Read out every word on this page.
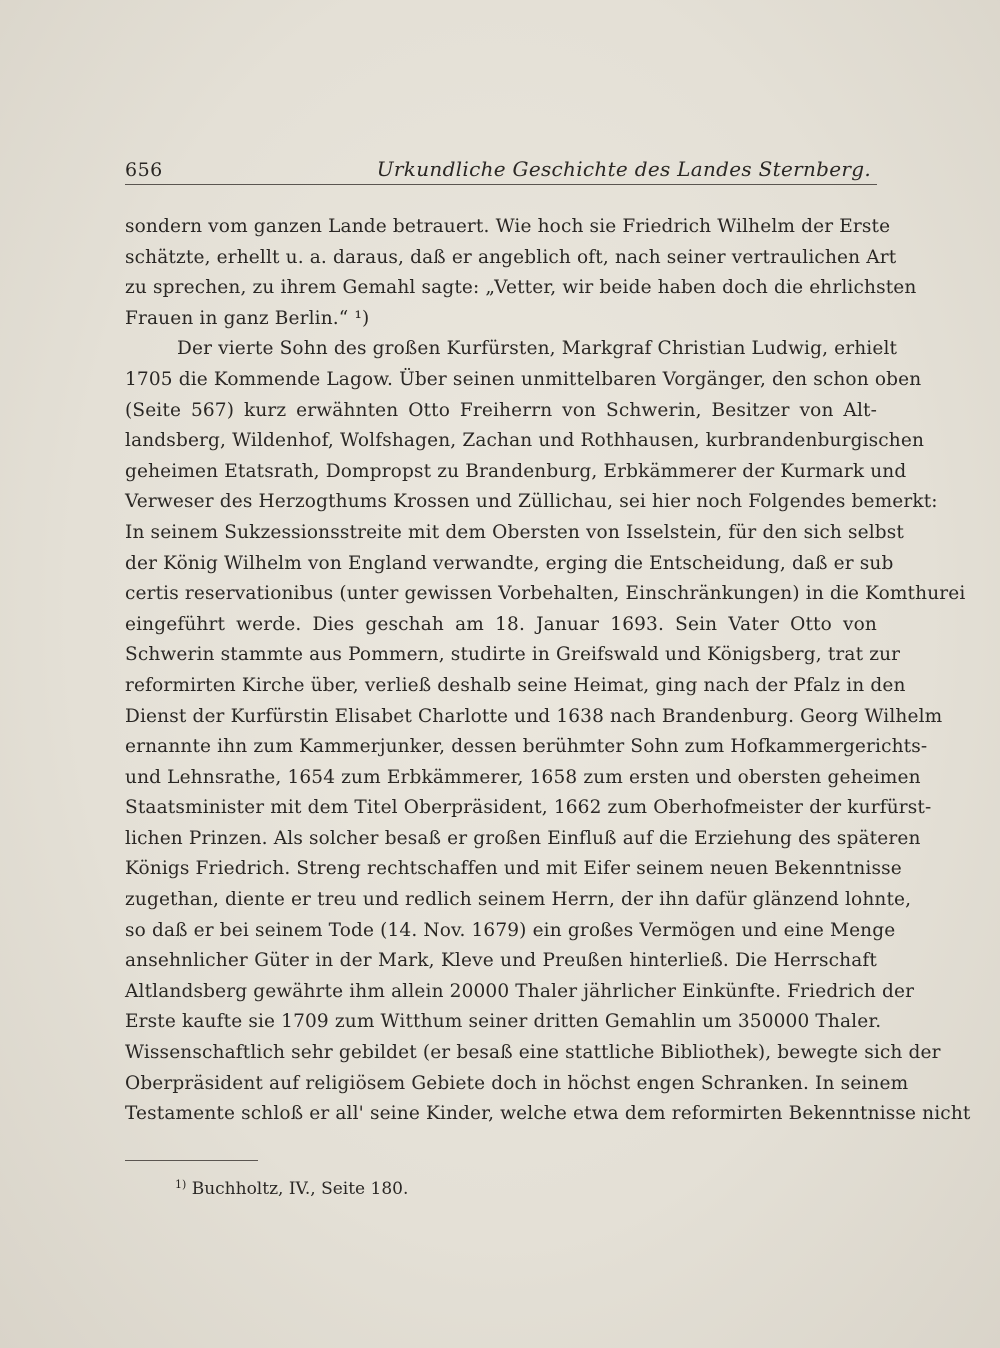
656	Urkundliche Geschichte des Landes Sternberg.
sondern vom ganzen Lande betrauert. Wie hoch sie Friedrich Wilhelm der Erste
schätzte, erhellt u. a. daraus, daß er angeblich oft, nach seiner vertraulichen Art
zu sprechen, zu ihrem Gemahl sagte: „Vetter, wir beide haben doch die ehrlichsten
Frauen in ganz Berlin.“ ¹)
Der vierte Sohn des großen Kurfürsten, Markgraf Christian Ludwig, erhielt
1705 die Kommende Lagow. Über seinen unmittelbaren Vorgänger, den schon oben
(Seite 567) kurz erwähnten Otto Freiherrn von Schwerin, Besitzer von Alt-
landsberg, Wildenhof, Wolfshagen, Zachan und Rothhausen, kurbrandenburgischen
geheimen Etatsrath, Dompropst zu Brandenburg, Erbkämmerer der Kurmark und
Verweser des Herzogthums Krossen und Züllichau, sei hier noch Folgendes bemerkt:
In seinem Sukzessionsstreite mit dem Obersten von Isselstein, für den sich selbst
der König Wilhelm von England verwandte, erging die Entscheidung, daß er sub
certis reservationibus (unter gewissen Vorbehalten, Einschränkungen) in die Komthurei
eingeführt werde. Dies geschah am 18. Januar 1693. Sein Vater Otto von
Schwerin stammte aus Pommern, studirte in Greifswald und Königsberg, trat zur
reformirten Kirche über, verließ deshalb seine Heimat, ging nach der Pfalz in den
Dienst der Kurfürstin Elisabet Charlotte und 1638 nach Brandenburg. Georg Wilhelm
ernannte ihn zum Kammerjunker, dessen berühmter Sohn zum Hofkammergerichts-
und Lehnsrathe, 1654 zum Erbkämmerer, 1658 zum ersten und obersten geheimen
Staatsminister mit dem Titel Oberpräsident, 1662 zum Oberhofmeister der kurfürst-
lichen Prinzen. Als solcher besaß er großen Einfluß auf die Erziehung des späteren
Königs Friedrich. Streng rechtschaffen und mit Eifer seinem neuen Bekenntnisse
zugethan, diente er treu und redlich seinem Herrn, der ihn dafür glänzend lohnte,
so daß er bei seinem Tode (14. Nov. 1679) ein großes Vermögen und eine Menge
ansehnlicher Güter in der Mark, Kleve und Preußen hinterließ. Die Herrschaft
Altlandsberg gewährte ihm allein 20000 Thaler jährlicher Einkünfte. Friedrich der
Erste kaufte sie 1709 zum Witthum seiner dritten Gemahlin um 350000 Thaler.
Wissenschaftlich sehr gebildet (er besaß eine stattliche Bibliothek), bewegte sich der
Oberpräsident auf religiösem Gebiete doch in höchst engen Schranken. In seinem
Testamente schloß er all' seine Kinder, welche etwa dem reformirten Bekenntnisse nicht
$^{1)}$ Buchholtz, IV., Seite 180.
